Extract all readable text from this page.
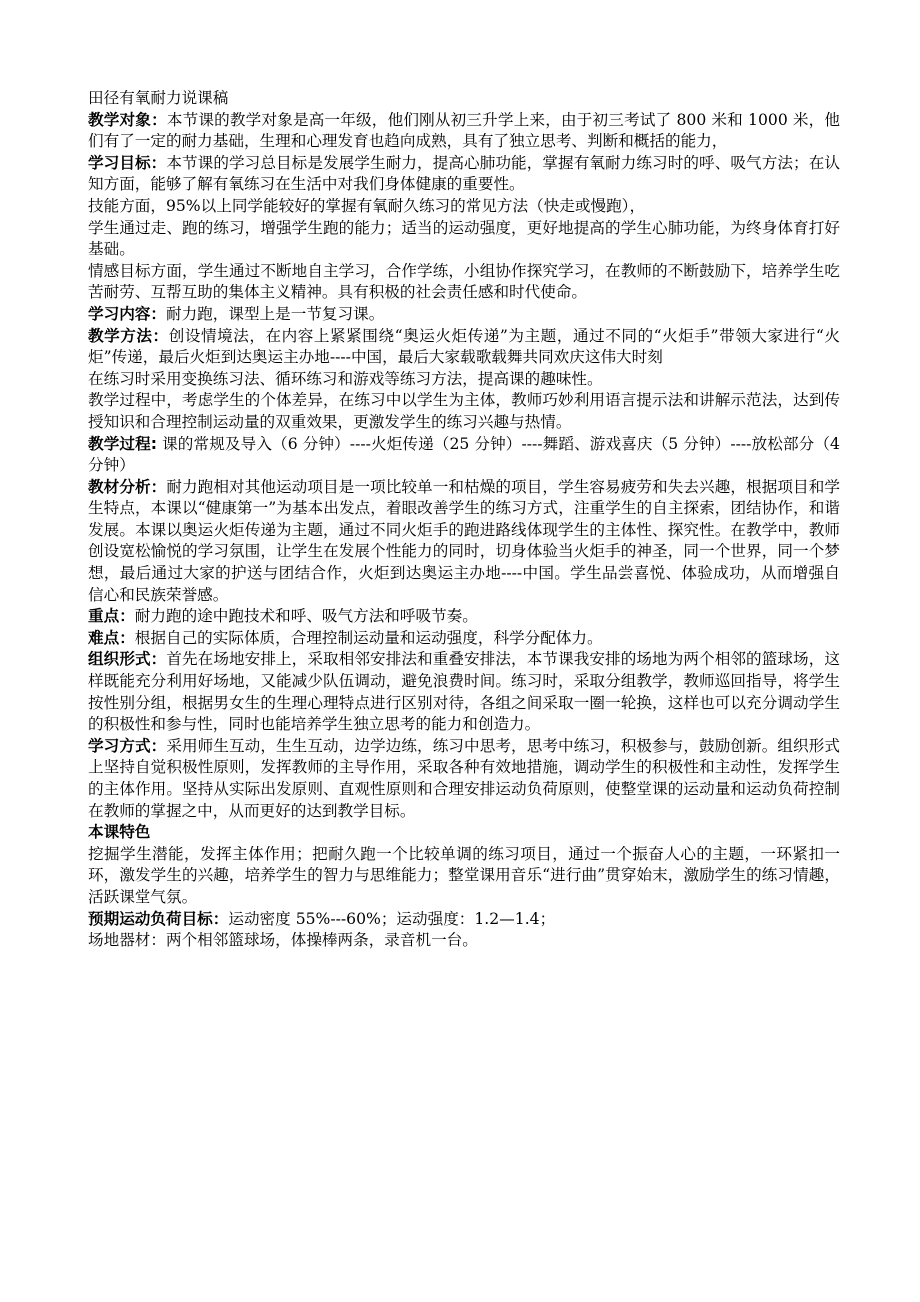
田径有氧耐力说课稿

教学对象：本节课的教学对象是高一年级，他们刚从初三升学上来，由于初三考试了 800 米和 1000 米，他们有了一定的耐力基础，生理和心理发育也趋向成熟，具有了独立思考、判断和概括的能力，

学习目标：本节课的学习总目标是发展学生耐力，提高心肺功能，掌握有氧耐力练习时的呼、吸气方法；在认知方面，能够了解有氧练习在生活中对我们身体健康的重要性。

技能方面，95%以上同学能较好的掌握有氧耐久练习的常见方法（快走或慢跑），

学生通过走、跑的练习，增强学生跑的能力；适当的运动强度，更好地提高的学生心肺功能，为终身体育打好基础。

情感目标方面，学生通过不断地自主学习，合作学练，小组协作探究学习，在教师的不断鼓励下，培养学生吃苦耐劳、互帮互助的集体主义精神。具有积极的社会责任感和时代使命。

学习内容：耐力跑，课型上是一节复习课。

教学方法：创设情境法，在内容上紧紧围绕“奥运火炬传递”为主题，通过不同的“火炬手”带领大家进行“火炬”传递，最后火炬到达奥运主办地----中国，最后大家载歌载舞共同欢庆这伟大时刻

在练习时采用变换练习法、循环练习和游戏等练习方法，提高课的趣味性。

教学过程中，考虑学生的个体差异，在练习中以学生为主体，教师巧妙利用语言提示法和讲解示范法，达到传授知识和合理控制运动量的双重效果，更激发学生的练习兴趣与热情。

教学过程: 课的常规及导入（6 分钟）----火炬传递（25 分钟）----舞蹈、游戏喜庆（5 分钟）----放松部分（4 分钟）

教材分析：耐力跑相对其他运动项目是一项比较单一和枯燥的项目，学生容易疲劳和失去兴趣，根据项目和学生特点，本课以“健康第一”为基本出发点，着眼改善学生的练习方式，注重学生的自主探索，团结协作，和谐发展。本课以奥运火炬传递为主题，通过不同火炬手的跑进路线体现学生的主体性、探究性。在教学中，教师创设宽松愉悦的学习氛围，让学生在发展个性能力的同时，切身体验当火炬手的神圣，同一个世界，同一个梦想，最后通过大家的护送与团结合作，火炬到达奥运主办地----中国。学生品尝喜悦、体验成功，从而增强自信心和民族荣誉感。

重点：耐力跑的途中跑技术和呼、吸气方法和呼吸节奏。

难点：根据自己的实际体质，合理控制运动量和运动强度，科学分配体力。

组织形式：首先在场地安排上，采取相邻安排法和重叠安排法，本节课我安排的场地为两个相邻的篮球场，这样既能充分利用好场地，又能减少队伍调动，避免浪费时间。练习时，采取分组教学，教师巡回指导，将学生按性别分组，根据男女生的生理心理特点进行区别对待，各组之间采取一圈一轮换，这样也可以充分调动学生的积极性和参与性，同时也能培养学生独立思考的能力和创造力。

学习方式：采用师生互动，生生互动，边学边练，练习中思考，思考中练习，积极参与，鼓励创新。组织形式上坚持自觉积极性原则，发挥教师的主导作用，采取各种有效地措施，调动学生的积极性和主动性，发挥学生的主体作用。坚持从实际出发原则、直观性原则和合理安排运动负荷原则，使整堂课的运动量和运动负荷控制在教师的掌握之中，从而更好的达到教学目标。

本课特色

挖掘学生潜能，发挥主体作用；把耐久跑一个比较单调的练习项目，通过一个振奋人心的主题，一环紧扣一环，激发学生的兴趣，培养学生的智力与思维能力；整堂课用音乐“进行曲”贯穿始末，激励学生的练习情趣，活跃课堂气氛。

预期运动负荷目标：运动密度 55%---60%；运动强度：1.2—1.4；

场地器材：两个相邻篮球场，体操棒两条，录音机一台。
